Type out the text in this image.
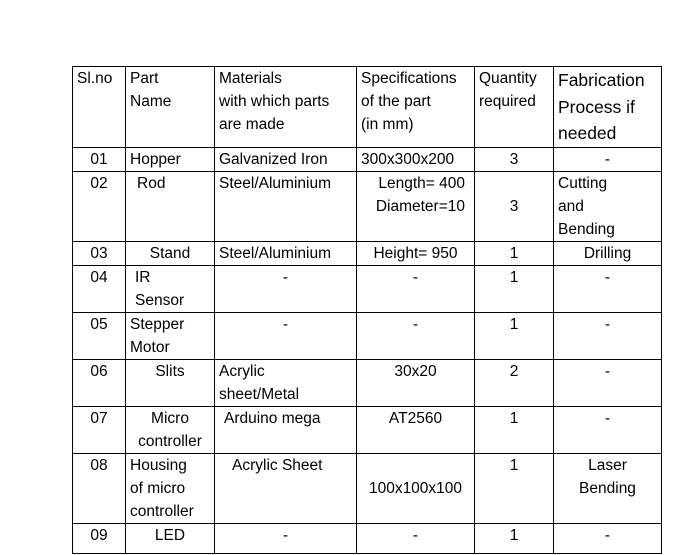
Sl.no	Part
Name	Materials
with which parts
are made	Specifications
of the part
(in mm)	Quantity
required	Fabrication
Process if
needed
01	Hopper	Galvanized Iron	300x300x200	3	-
02	Rod	Steel/Aluminium	Length= 400
Diameter=10	3	Cutting
and
Bending
03	Stand	Steel/Aluminium	Height= 950	1	Drilling
04	IR
Sensor	-	-	1	-
05	Stepper
Motor	-	-	1	-
06	Slits	Acrylic
sheet/Metal	30x20	2	-
07	Micro
controller	Arduino mega	AT2560	1	-
08	Housing
of micro
controller	Acrylic Sheet	100x100x100	1	Laser
Bending
09	LED	-	-	1	-
